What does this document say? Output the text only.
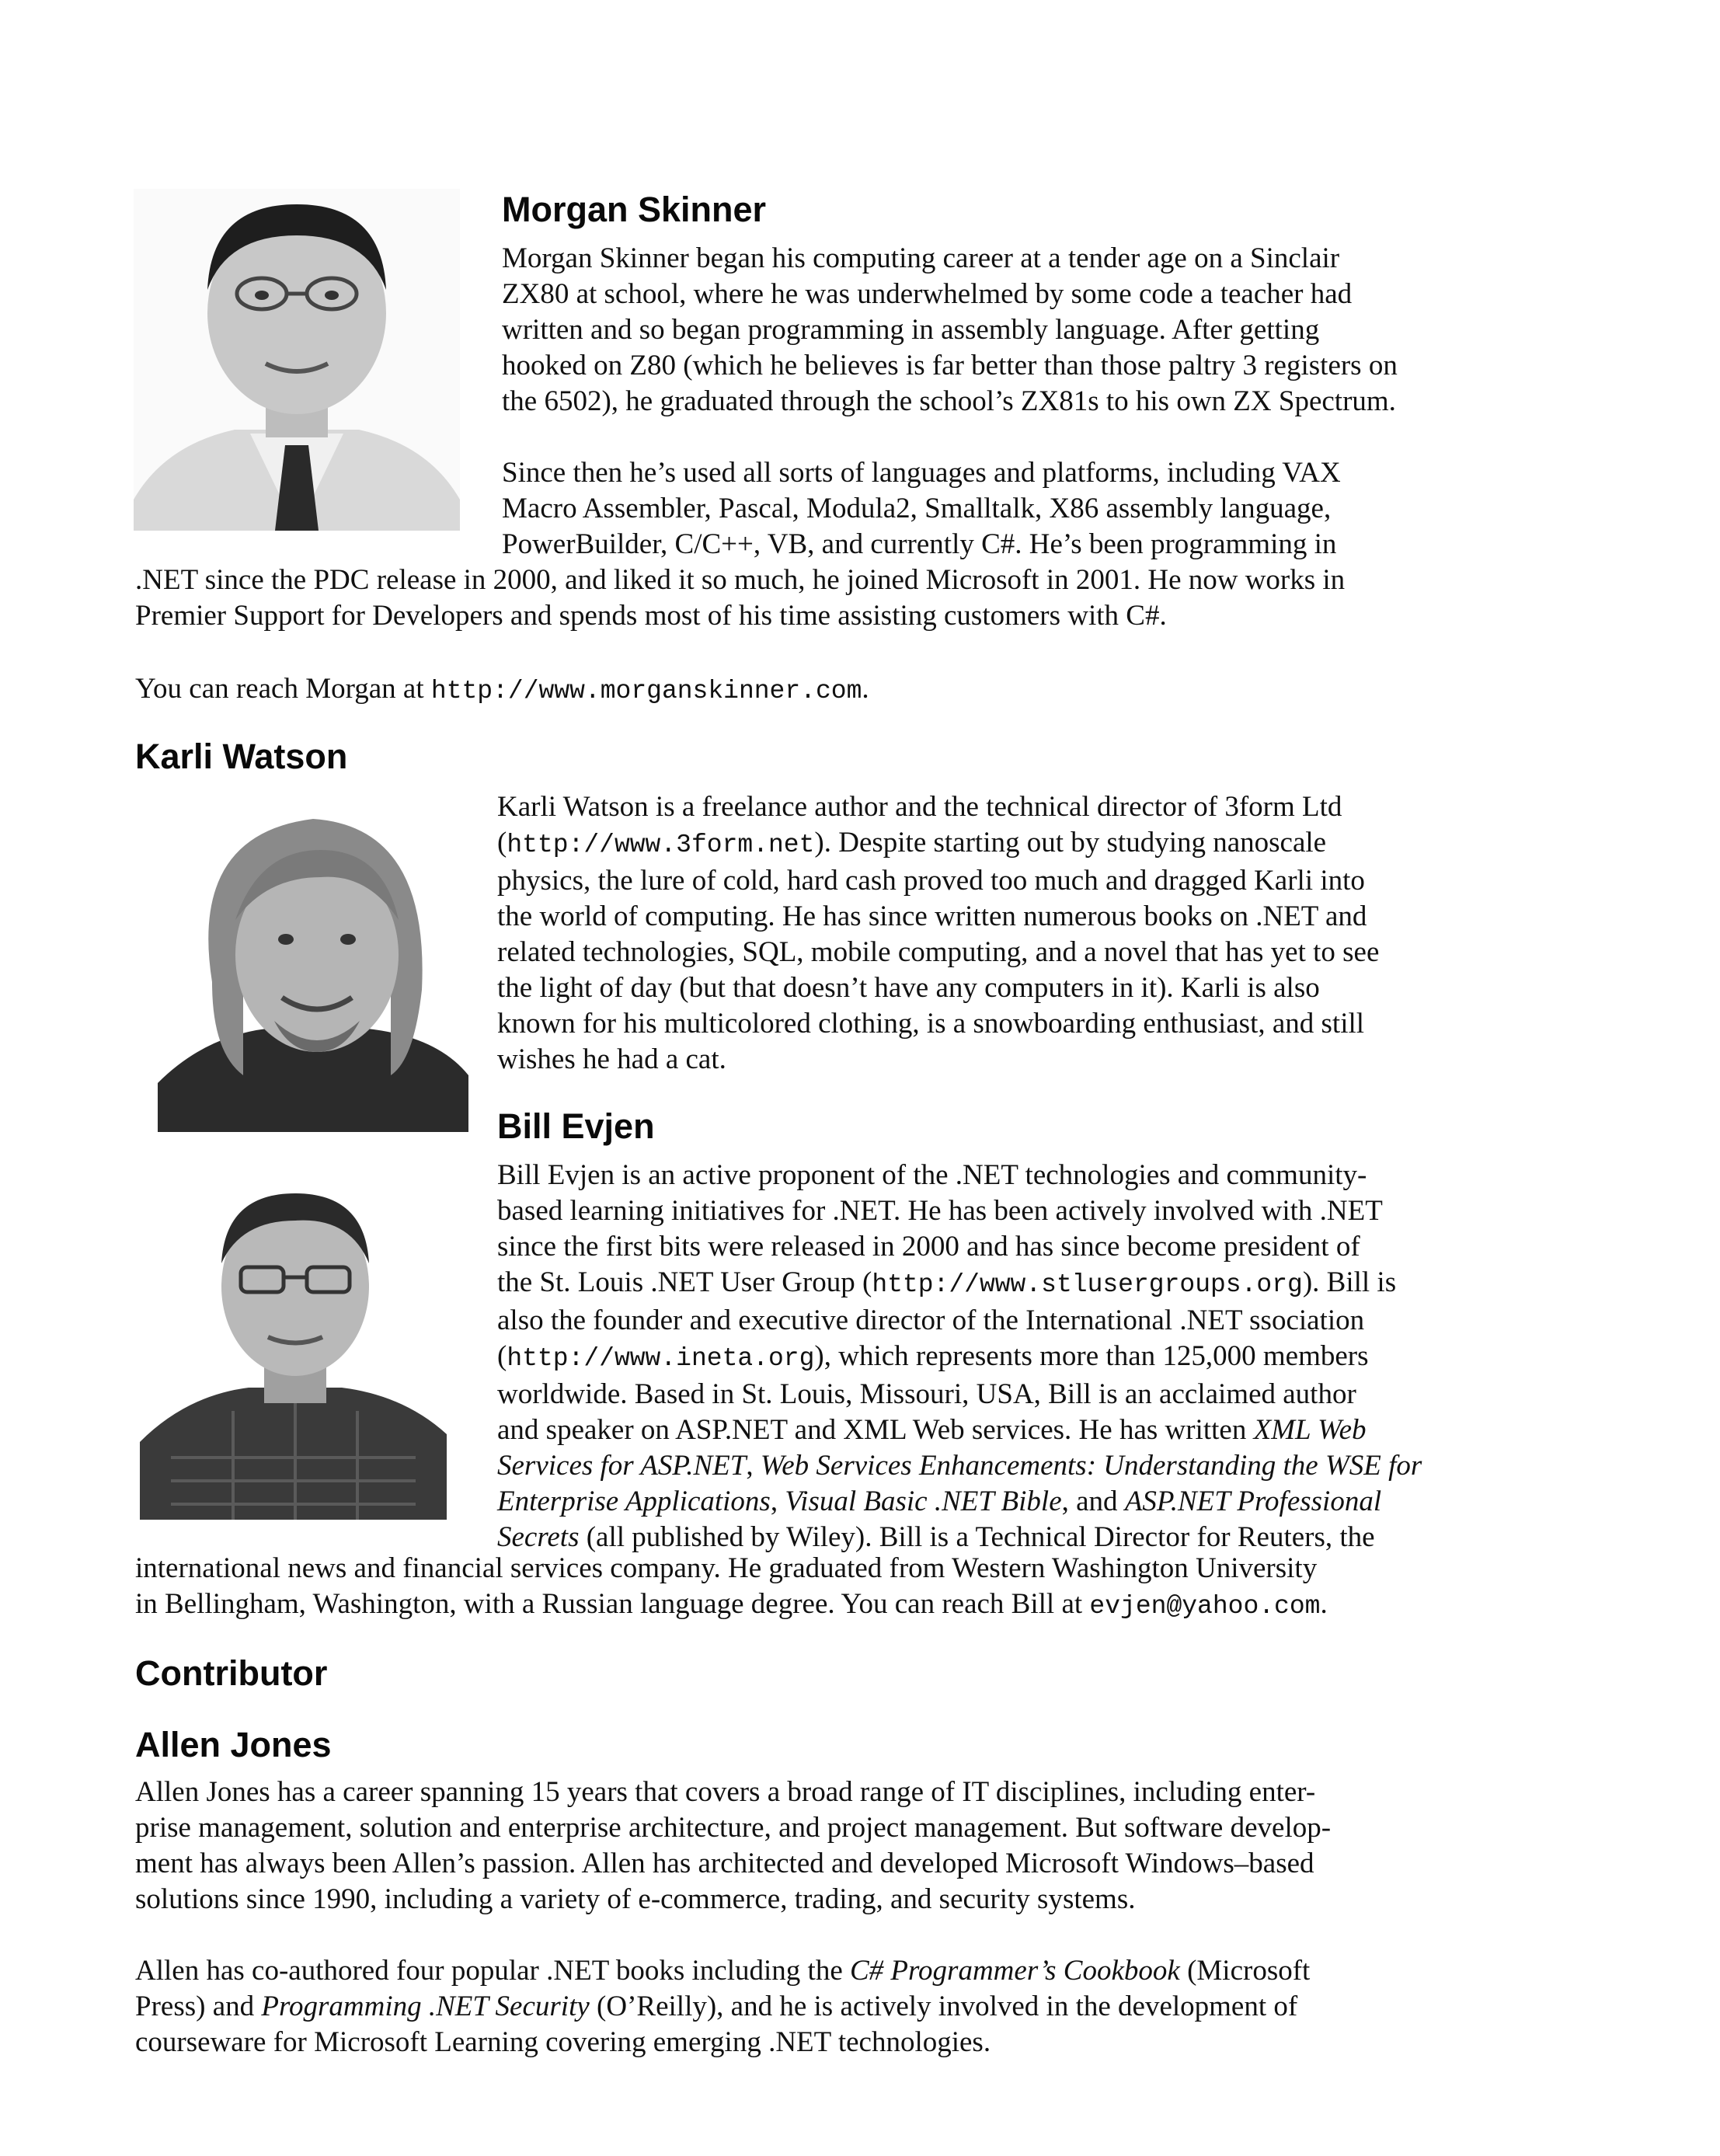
Morgan Skinner
Morgan Skinner began his computing career at a tender age on a Sinclair
ZX80 at school, where he was underwhelmed by some code a teacher had
written and so began programming in assembly language. After getting
hooked on Z80 (which he believes is far better than those paltry 3 registers on
the 6502), he graduated through the school’s ZX81s to his own ZX Spectrum.
Since then he’s used all sorts of languages and platforms, including VAX
Macro Assembler, Pascal, Modula2, Smalltalk, X86 assembly language,
PowerBuilder, C/C++, VB, and currently C#. He’s been programming in
.NET since the PDC release in 2000, and liked it so much, he joined Microsoft in 2001. He now works in
Premier Support for Developers and spends most of his time assisting customers with C#.
You can reach Morgan at http://www.morganskinner.com.
Karli Watson
Karli Watson is a freelance author and the technical director of 3form Ltd
(http://www.3form.net). Despite starting out by studying nanoscale
physics, the lure of cold, hard cash proved too much and dragged Karli into
the world of computing. He has since written numerous books on .NET and
related technologies, SQL, mobile computing, and a novel that has yet to see
the light of day (but that doesn’t have any computers in it). Karli is also
known for his multicolored clothing, is a snowboarding enthusiast, and still
wishes he had a cat.
Bill Evjen
Bill Evjen is an active proponent of the .NET technologies and community-
based learning initiatives for .NET. He has been actively involved with .NET
since the first bits were released in 2000 and has since become president of
the St. Louis .NET User Group (http://www.stlusergroups.org). Bill is
also the founder and executive director of the International .NET ssociation
(http://www.ineta.org), which represents more than 125,000 members
worldwide. Based in St. Louis, Missouri, USA, Bill is an acclaimed author
and speaker on ASP.NET and XML Web services. He has written XML Web
Services for ASP.NET, Web Services Enhancements: Understanding the WSE for
Enterprise Applications, Visual Basic .NET Bible, and ASP.NET Professional
Secrets (all published by Wiley). Bill is a Technical Director for Reuters, the
international news and financial services company. He graduated from Western Washington University
in Bellingham, Washington, with a Russian language degree. You can reach Bill at evjen@yahoo.com.
Contributor
Allen Jones
Allen Jones has a career spanning 15 years that covers a broad range of IT disciplines, including enter-
prise management, solution and enterprise architecture, and project management. But software develop-
ment has always been Allen’s passion. Allen has architected and developed Microsoft Windows–based
solutions since 1990, including a variety of e-commerce, trading, and security systems.
Allen has co-authored four popular .NET books including the C# Programmer’s Cookbook (Microsoft
Press) and Programming .NET Security (O’Reilly), and he is actively involved in the development of
courseware for Microsoft Learning covering emerging .NET technologies.
